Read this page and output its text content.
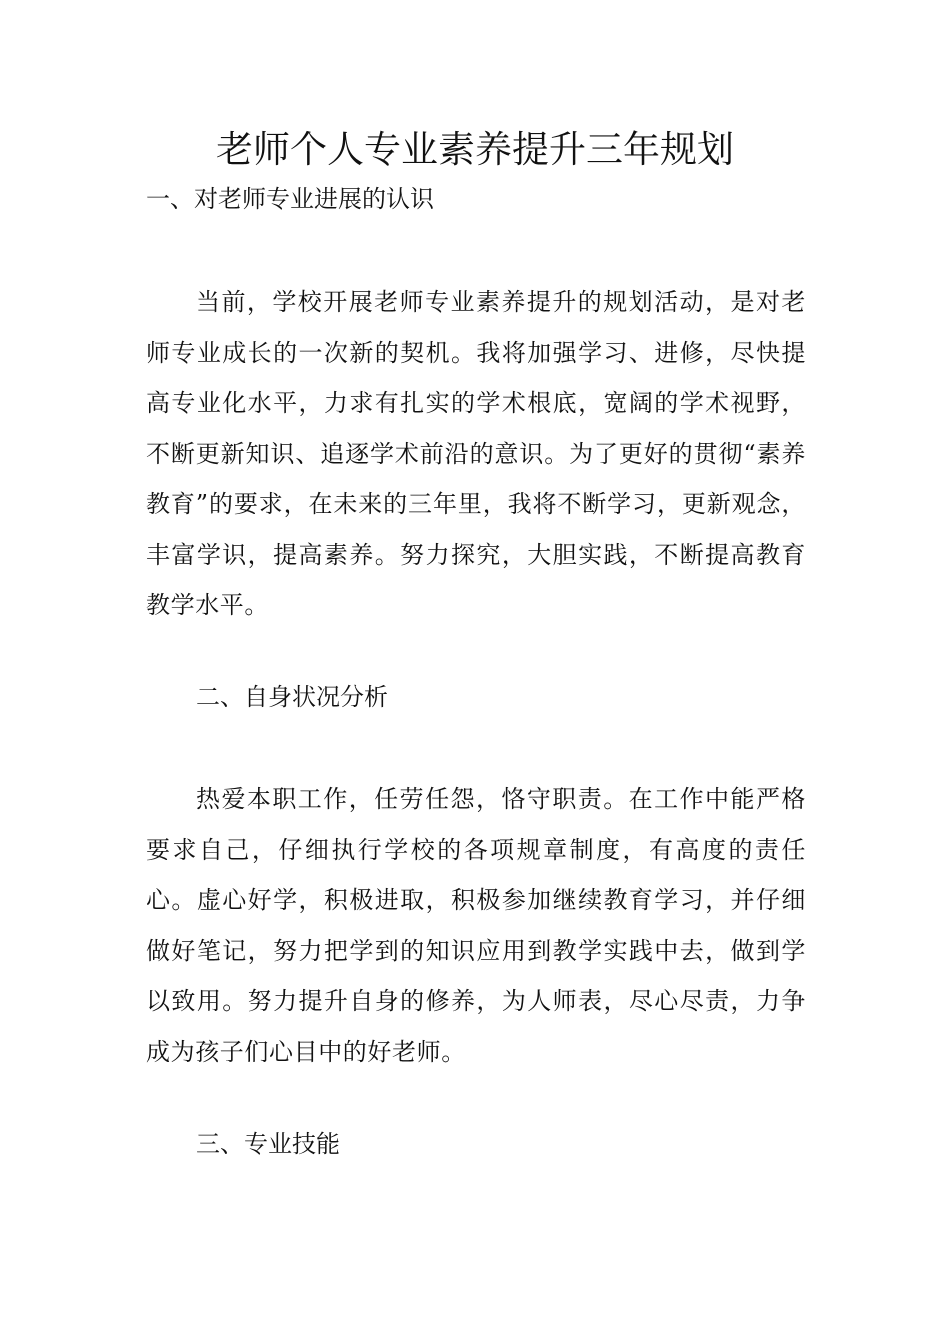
老师个人专业素养提升三年规划

一、对老师专业进展的认识

当前，学校开展老师专业素养提升的规划活动，是对老师专业成长的一次新的契机。我将加强学习、进修，尽快提高专业化水平，力求有扎实的学术根底，宽阔的学术视野，不断更新知识、追逐学术前沿的意识。为了更好的贯彻“素养教育”的要求，在未来的三年里，我将不断学习，更新观念，丰富学识，提高素养。努力探究，大胆实践，不断提高教育教学水平。

二、自身状况分析

热爱本职工作，任劳任怨，恪守职责。在工作中能严格要求自己，仔细执行学校的各项规章制度，有高度的责任心。虚心好学，积极进取，积极参加继续教育学习，并仔细做好笔记，努力把学到的知识应用到教学实践中去，做到学以致用。努力提升自身的修养，为人师表，尽心尽责，力争成为孩子们心目中的好老师。

三、专业技能
